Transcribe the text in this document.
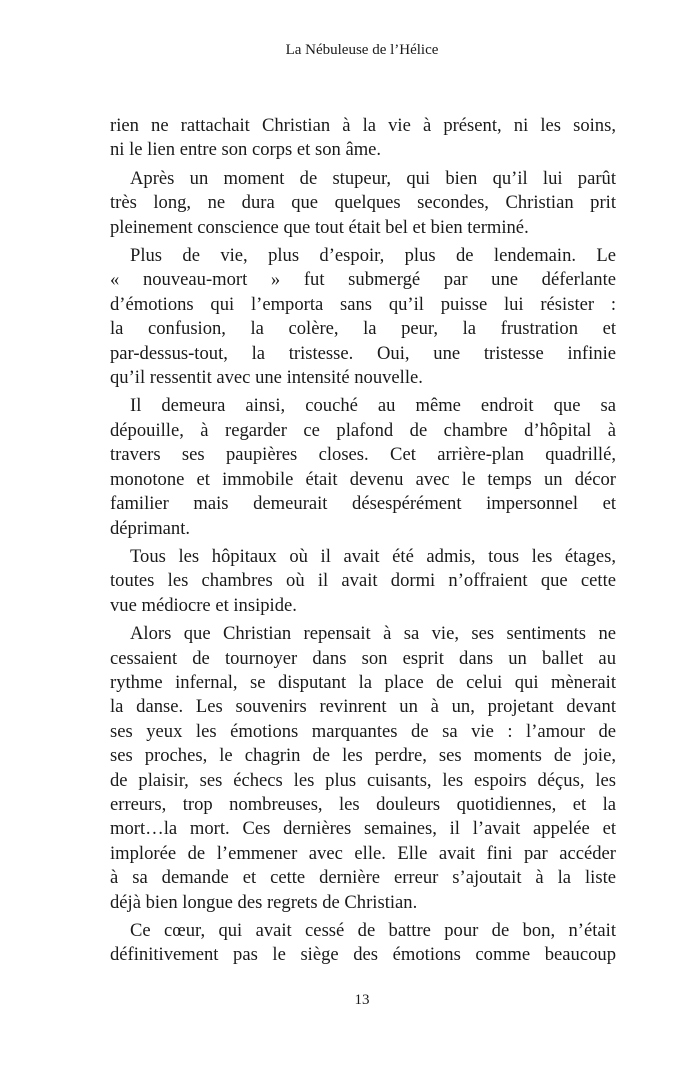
La Nébuleuse de l’Hélice

rien ne rattachait Christian à la vie à présent, ni les soins,
ni le lien entre son corps et son âme.

Après un moment de stupeur, qui bien qu’il lui parût
très long, ne dura que quelques secondes, Christian prit
pleinement conscience que tout était bel et bien terminé.

Plus de vie, plus d’espoir, plus de lendemain. Le
« nouveau-mort » fut submergé par une déferlante
d’émotions qui l’emporta sans qu’il puisse lui résister :
la confusion, la colère, la peur, la frustration et
par-dessus-tout, la tristesse. Oui, une tristesse infinie
qu’il ressentit avec une intensité nouvelle.

Il demeura ainsi, couché au même endroit que sa
dépouille, à regarder ce plafond de chambre d’hôpital à
travers ses paupières closes. Cet arrière-plan quadrillé,
monotone et immobile était devenu avec le temps un décor
familier mais demeurait désespérément impersonnel et
déprimant.

Tous les hôpitaux où il avait été admis, tous les étages,
toutes les chambres où il avait dormi n’offraient que cette
vue médiocre et insipide.

Alors que Christian repensait à sa vie, ses sentiments ne
cessaient de tournoyer dans son esprit dans un ballet au
rythme infernal, se disputant la place de celui qui mènerait
la danse. Les souvenirs revinrent un à un, projetant devant
ses yeux les émotions marquantes de sa vie : l’amour de
ses proches, le chagrin de les perdre, ses moments de joie,
de plaisir, ses échecs les plus cuisants, les espoirs déçus, les
erreurs, trop nombreuses, les douleurs quotidiennes, et la
mort…la mort. Ces dernières semaines, il l’avait appelée et
implorée de l’emmener avec elle. Elle avait fini par accéder
à sa demande et cette dernière erreur s’ajoutait à la liste
déjà bien longue des regrets de Christian.

Ce cœur, qui avait cessé de battre pour de bon, n’était
définitivement pas le siège des émotions comme beaucoup

13
